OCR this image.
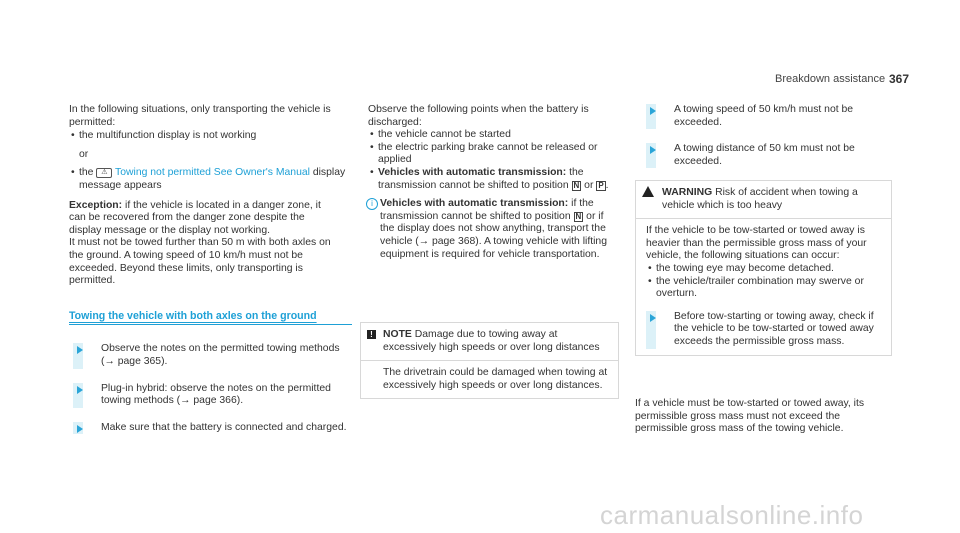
Breakdown assistance 367
In the following situations, only transporting the vehicle is permitted:
• the multifunction display is not working
or
• the ⚠ Towing not permitted See Owner's Manual display message appears
Exception: if the vehicle is located in a danger zone, it can be recovered from the danger zone despite the display message or the display not working.
It must not be towed further than 50 m with both axles on the ground. A towing speed of 10 km/h must not be exceeded. Beyond these limits, only transporting is permitted.
Towing the vehicle with both axles on the ground
Observe the notes on the permitted towing methods (→ page 365).
Plug-in hybrid: observe the notes on the permitted towing methods (→ page 366).
Make sure that the battery is connected and charged.
Observe the following points when the battery is discharged:
• the vehicle cannot be started
• the electric parking brake cannot be released or applied
• Vehicles with automatic transmission: the transmission cannot be shifted to position N or P .
i Vehicles with automatic transmission: if the transmission cannot be shifted to position N or if the display does not show anything, transport the vehicle (→ page 368). A towing vehicle with lifting equipment is required for vehicle transportation.
! NOTE Damage due to towing away at excessively high speeds or over long distances
The drivetrain could be damaged when towing at excessively high speeds or over long distances.
A towing speed of 50 km/h must not be exceeded.
A towing distance of 50 km must not be exceeded.
WARNING Risk of accident when towing a vehicle which is too heavy
If the vehicle to be tow-started or towed away is heavier than the permissible gross mass of your vehicle, the following situations can occur:
• the towing eye may become detached.
• the vehicle/trailer combination may swerve or overturn.
Before tow-starting or towing away, check if the vehicle to be tow-started or towed away exceeds the permissible gross mass.
If a vehicle must be tow-started or towed away, its permissible gross mass must not exceed the permissible gross mass of the towing vehicle.
carmanualsonline.info
